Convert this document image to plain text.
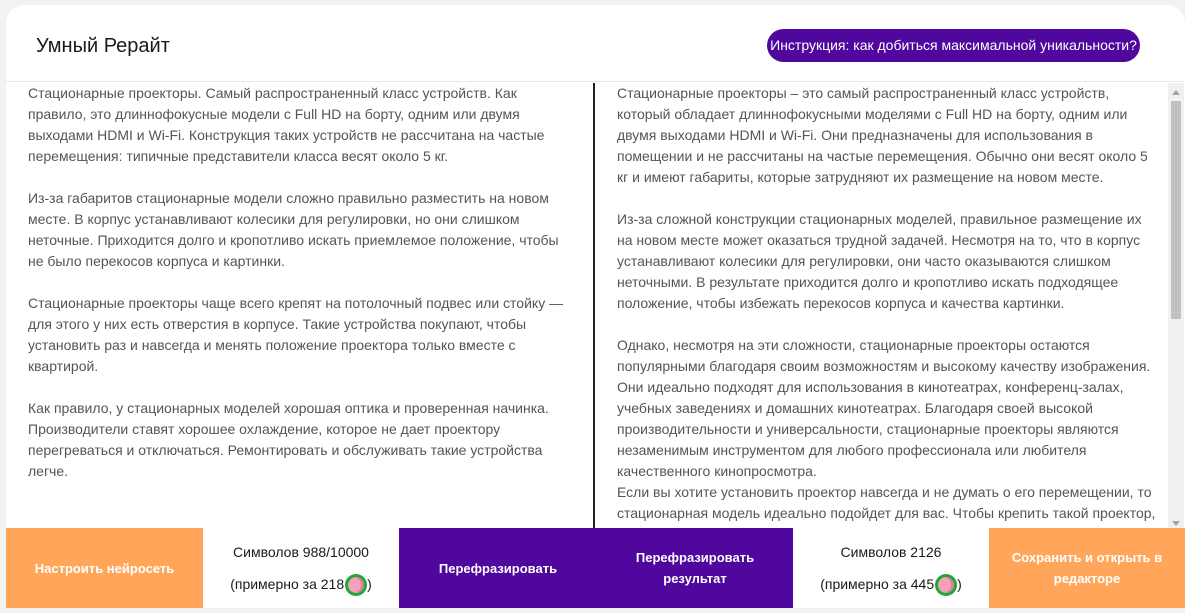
Умный Рерайт	Инструкция: как добиться максимальной уникальности?

Стационарные проекторы. Самый распространенный класс устройств. Как правило, это длиннофокусные модели с Full HD на борту, одним или двумя выходами HDMI и Wi-Fi. Конструкция таких устройств не рассчитана на частые перемещения: типичные представители класса весят около 5 кг.

Из-за габаритов стационарные модели сложно правильно разместить на новом месте. В корпус устанавливают колесики для регулировки, но они слишком неточные. Приходится долго и кропотливо искать приемлемое положение, чтобы не было перекосов корпуса и картинки.

Стационарные проекторы чаще всего крепят на потолочный подвес или стойку — для этого у них есть отверстия в корпусе. Такие устройства покупают, чтобы установить раз и навсегда и менять положение проектора только вместе с квартирой.

Как правило, у стационарных моделей хорошая оптика и проверенная начинка. Производители ставят хорошее охлаждение, которое не дает проектору перегреваться и отключаться. Ремонтировать и обслуживать такие устройства легче.

Стационарные проекторы – это самый распространенный класс устройств, который обладает длиннофокусными моделями с Full HD на борту, одним или двумя выходами HDMI и Wi-Fi. Они предназначены для использования в помещении и не рассчитаны на частые перемещения. Обычно они весят около 5 кг и имеют габариты, которые затрудняют их размещение на новом месте.

Из-за сложной конструкции стационарных моделей, правильное размещение их на новом месте может оказаться трудной задачей. Несмотря на то, что в корпус устанавливают колесики для регулировки, они часто оказываются слишком неточными. В результате приходится долго и кропотливо искать подходящее положение, чтобы избежать перекосов корпуса и качества картинки.

Однако, несмотря на эти сложности, стационарные проекторы остаются популярными благодаря своим возможностям и высокому качеству изображения. Они идеально подходят для использования в кинотеатрах, конференц-залах, учебных заведениях и домашних кинотеатрах. Благодаря своей высокой производительности и универсальности, стационарные проекторы являются незаменимым инструментом для любого профессионала или любителя качественного кинопросмотра.

Если вы хотите установить проектор навсегда и не думать о его перемещении, то стационарная модель идеально подойдет для вас. Чтобы крепить такой проектор,

Настроить нейросеть
Символов 988/10000
(примерно за 218 )
Перефразировать
Перефразировать
результат
Символов 2126
(примерно за 445 )
Сохранить и открыть в
редакторе
